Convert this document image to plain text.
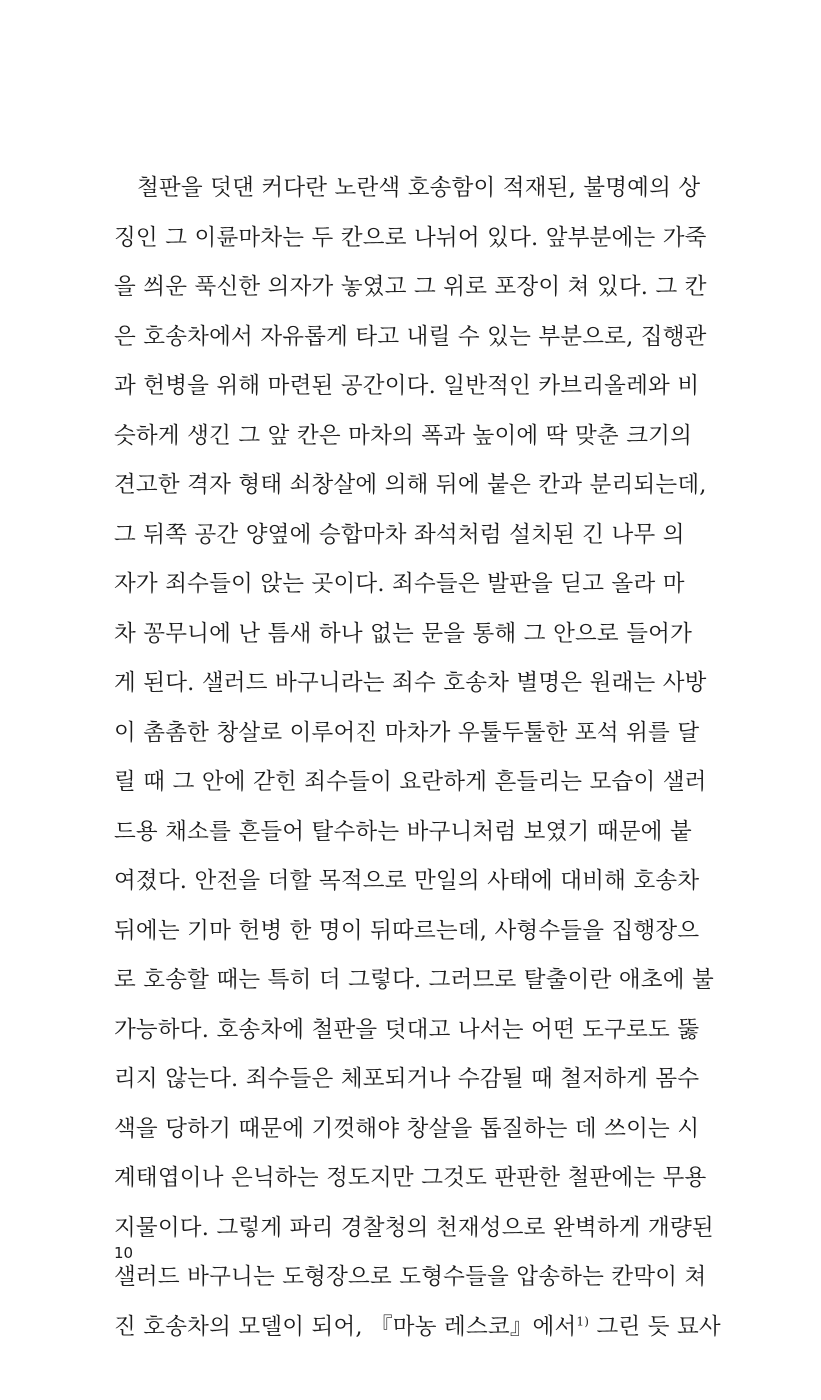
철판을 덧댄 커다란 노란색 호송함이 적재된, 불명예의 상
징인 그 이륜마차는 두 칸으로 나뉘어 있다. 앞부분에는 가죽
을 씌운 푹신한 의자가 놓였고 그 위로 포장이 쳐 있다. 그 칸
은 호송차에서 자유롭게 타고 내릴 수 있는 부분으로, 집행관
과 헌병을 위해 마련된 공간이다. 일반적인 카브리올레와 비
슷하게 생긴 그 앞 칸은 마차의 폭과 높이에 딱 맞춘 크기의
견고한 격자 형태 쇠창살에 의해 뒤에 붙은 칸과 분리되는데,
그 뒤쪽 공간 양옆에 승합마차 좌석처럼 설치된 긴 나무 의
자가 죄수들이 앉는 곳이다. 죄수들은 발판을 딛고 올라 마
차 꽁무니에 난 틈새 하나 없는 문을 통해 그 안으로 들어가
게 된다. 샐러드 바구니라는 죄수 호송차 별명은 원래는 사방
이 촘촘한 창살로 이루어진 마차가 우툴두툴한 포석 위를 달
릴 때 그 안에 갇힌 죄수들이 요란하게 흔들리는 모습이 샐러
드용 채소를 흔들어 탈수하는 바구니처럼 보였기 때문에 붙
여졌다. 안전을 더할 목적으로 만일의 사태에 대비해 호송차
뒤에는 기마 헌병 한 명이 뒤따르는데, 사형수들을 집행장으
로 호송할 때는 특히 더 그렇다. 그러므로 탈출이란 애초에 불
가능하다. 호송차에 철판을 덧대고 나서는 어떤 도구로도 뚫
리지 않는다. 죄수들은 체포되거나 수감될 때 철저하게 몸수
색을 당하기 때문에 기껏해야 창살을 톱질하는 데 쓰이는 시
계태엽이나 은닉하는 정도지만 그것도 판판한 철판에는 무용
지물이다. 그렇게 파리 경찰청의 천재성으로 완벽하게 개량된
샐러드 바구니는 도형장으로 도형수들을 압송하는 칸막이 쳐
진 호송차의 모델이 되어, 『마농 레스코』에서$^{1)}$ 그린 듯 묘사
10
